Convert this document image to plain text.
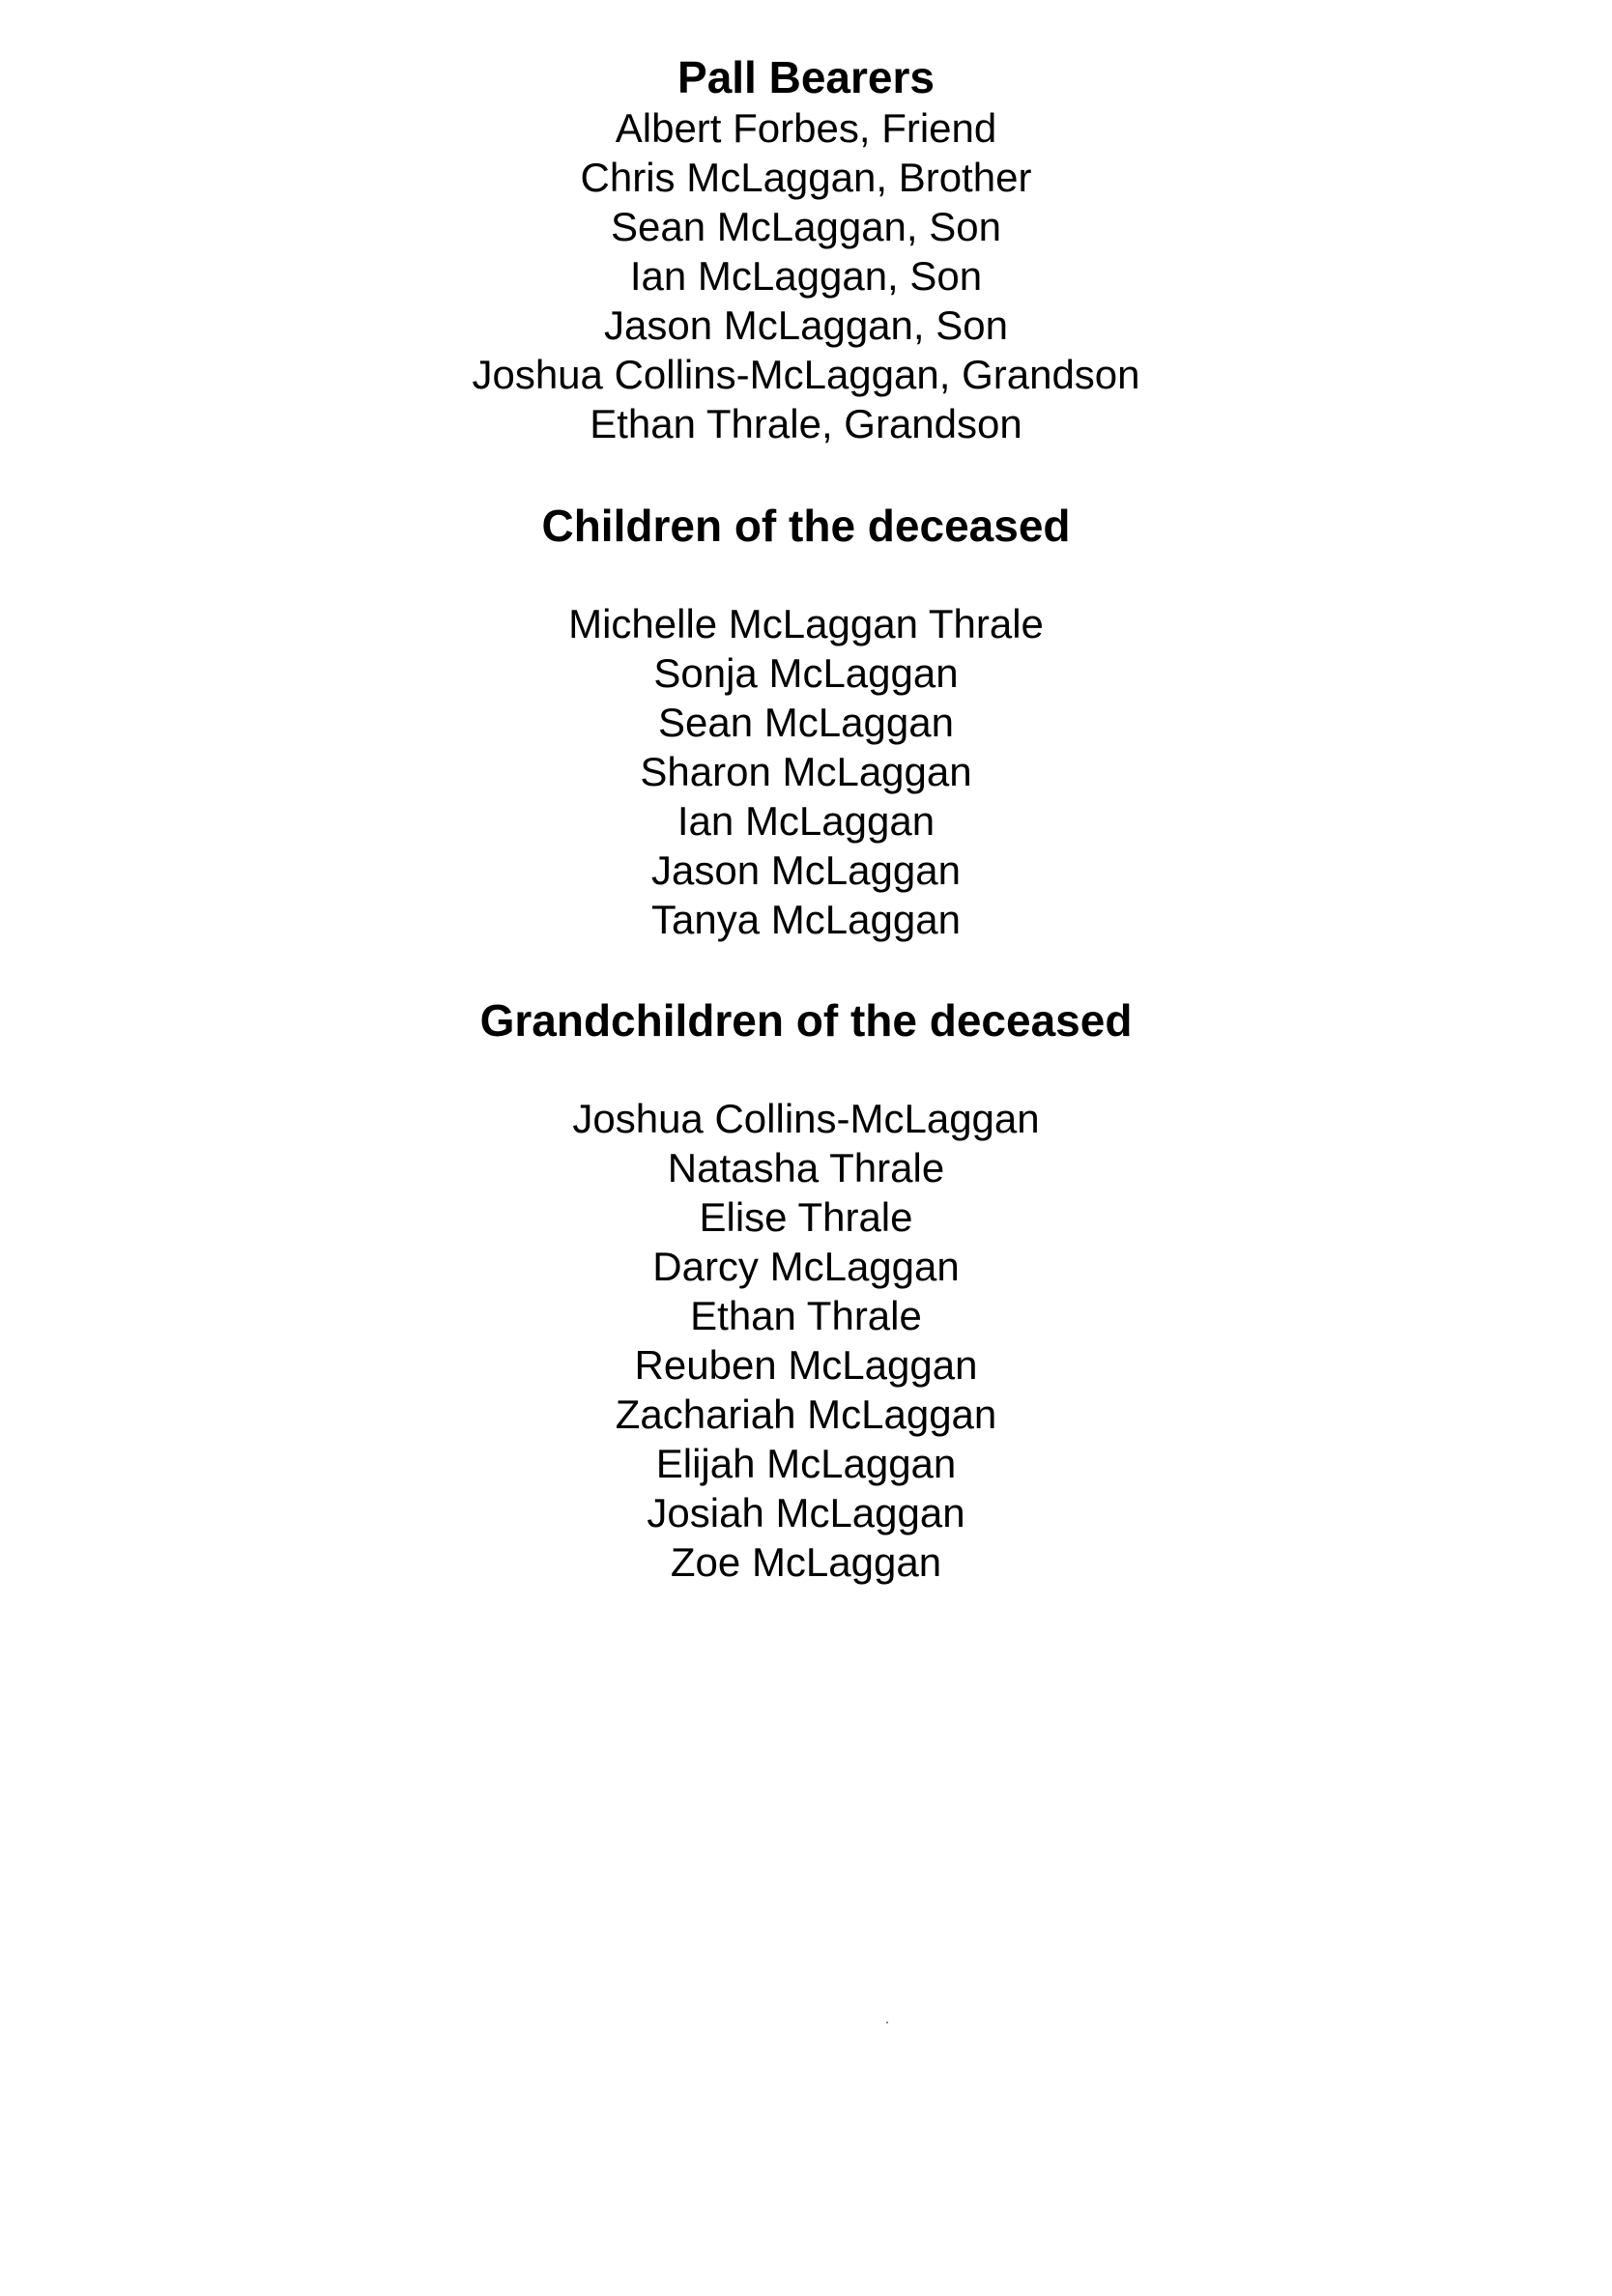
Pall Bearers
Albert Forbes, Friend
Chris McLaggan, Brother
Sean McLaggan, Son
Ian McLaggan, Son
Jason McLaggan, Son
Joshua Collins-McLaggan, Grandson
Ethan Thrale, Grandson
Children of the deceased
Michelle McLaggan Thrale
Sonja McLaggan
Sean McLaggan
Sharon McLaggan
Ian McLaggan
Jason McLaggan
Tanya McLaggan
Grandchildren of the deceased
Joshua Collins-McLaggan
Natasha Thrale
Elise Thrale
Darcy McLaggan
Ethan Thrale
Reuben McLaggan
Zachariah McLaggan
Elijah McLaggan
Josiah McLaggan
Zoe McLaggan
